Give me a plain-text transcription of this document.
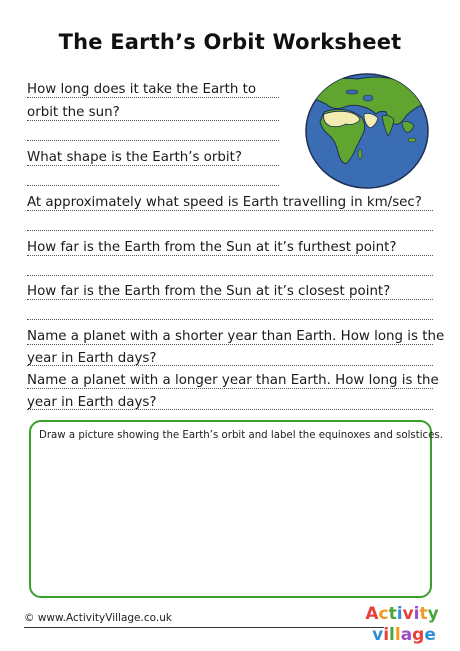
The Earth’s Orbit Worksheet
How long does it take the Earth to
orbit the sun?
What shape is the Earth’s orbit?
At approximately what speed is Earth travelling in km/sec?
How far is the Earth from the Sun at it’s furthest point?
How far is the Earth from the Sun at it’s closest point?
Name a planet with a shorter year than Earth. How long is the
year in Earth days?
Name a planet with a longer year than Earth. How long is the
year in Earth days?
Draw a picture showing the Earth’s orbit and label the equinoxes and solstices.
© www.ActivityVillage.co.uk	Activity
village
